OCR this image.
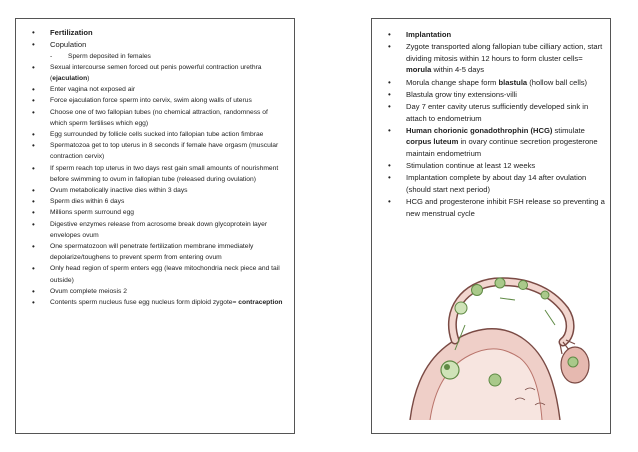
• Fertilization
• Copulation
- Sperm deposited in females
• Sexual intercourse semen forced out penis powerful contraction urethra (ejaculation)
• Enter vagina not exposed air
• Force ejaculation force sperm into cervix, swim along walls of uterus
• Choose one of two fallopian tubes (no chemical attraction, randomness of which sperm fertilises which egg)
• Egg surrounded by follicle cells sucked into fallopian tube action fimbrae
• Spermatozoa get to top uterus in 8 seconds if female have orgasm (muscular contraction cervix)
• If sperm reach top uterus in two days rest gain small amounts of nourishment before swimming to ovum in fallopian tube (released during ovulation)
• Ovum metabolically inactive dies within 3 days
• Sperm dies within 6 days
• Millions sperm surround egg
• Digestive enzymes release from acrosome break down glycoprotein layer envelopes ovum
• One spermatozoon will penetrate fertilization membrane immediately depolarize/toughens to prevent sperm from entering ovum
• Only head region of sperm enters egg (leave mitochondria neck piece and tail outside)
• Ovum complete meiosis 2
• Contents sperm nucleus fuse egg nucleus form diploid zygote= contraception
• Implantation
• Zygote transported along fallopian tube cilliary action, start dividing mitosis within 12 hours to form cluster cells= morula within 4-5 days
• Morula change shape form blastula (hollow ball cells)
• Blastula grow tiny extensions-villi
• Day 7 enter cavity uterus sufficiently developed sink in attach to endometrium
• Human chorionic gonadothrophin (HCG) stimulate corpus luteum in ovary continue secretion progesterone maintain endometrium
• Stimulation continue at least 12 weeks
• Implantation complete by about day 14 after ovulation (should start next period)
• HCG and progesterone inhibit FSH release so preventing a new menstrual cycle
